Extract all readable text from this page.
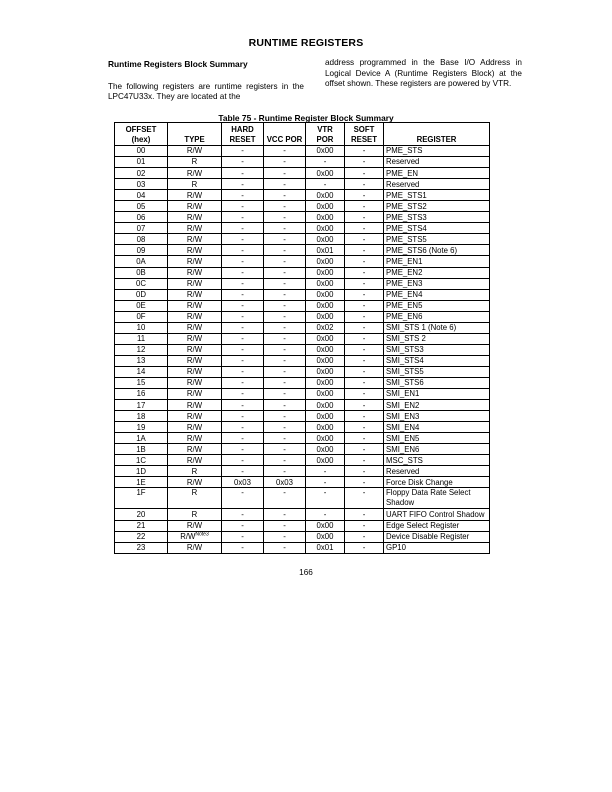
RUNTIME REGISTERS
Runtime Registers Block Summary
The following registers are runtime registers in the LPC47U33x. They are located at the
address programmed in the Base I/O Address in Logical Device A (Runtime Registers Block) at the offset shown. These registers are powered by VTR.
Table 75 - Runtime Register Block Summary
OFFSET (hex)	TYPE	HARD RESET	VCC POR	VTR POR	SOFT RESET	REGISTER
00	R/W	-	-	0x00	-	PME_STS
01	R	-	-	-	-	Reserved
02	R/W	-	-	0x00	-	PME_EN
03	R	-	-	-	-	Reserved
04	R/W	-	-	0x00	-	PME_STS1
05	R/W	-	-	0x00	-	PME_STS2
06	R/W	-	-	0x00	-	PME_STS3
07	R/W	-	-	0x00	-	PME_STS4
08	R/W	-	-	0x00	-	PME_STS5
09	R/W	-	-	0x01	-	PME_STS6 (Note 6)
0A	R/W	-	-	0x00	-	PME_EN1
0B	R/W	-	-	0x00	-	PME_EN2
0C	R/W	-	-	0x00	-	PME_EN3
0D	R/W	-	-	0x00	-	PME_EN4
0E	R/W	-	-	0x00	-	PME_EN5
0F	R/W	-	-	0x00	-	PME_EN6
10	R/W	-	-	0x02	-	SMI_STS 1 (Note 6)
11	R/W	-	-	0x00	-	SMI_STS 2
12	R/W	-	-	0x00	-	SMI_STS3
13	R/W	-	-	0x00	-	SMI_STS4
14	R/W	-	-	0x00	-	SMI_STS5
15	R/W	-	-	0x00	-	SMI_STS6
16	R/W	-	-	0x00	-	SMI_EN1
17	R/W	-	-	0x00	-	SMI_EN2
18	R/W	-	-	0x00	-	SMI_EN3
19	R/W	-	-	0x00	-	SMI_EN4
1A	R/W	-	-	0x00	-	SMI_EN5
1B	R/W	-	-	0x00	-	SMI_EN6
1C	R/W	-	-	0x00	-	MSC_STS
1D	R	-	-	-	-	Reserved
1E	R/W	0x03	0x03	-	-	Force Disk Change
1F	R	-	-	-	-	Floppy Data Rate Select Shadow
20	R	-	-	-	-	UART FIFO Control Shadow
21	R/W	-	-	0x00	-	Edge Select Register
22	R/W$^{Note3}$	-	-	0x00	-	Device Disable Register
23	R/W	-	-	0x01	-	GP10
166
